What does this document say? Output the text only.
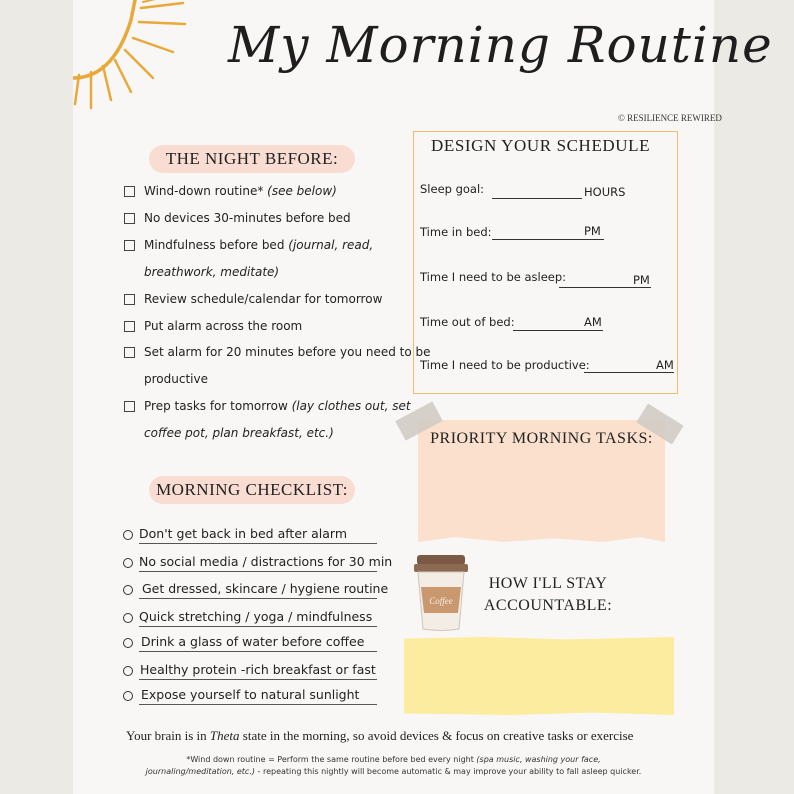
My Morning Routine
© RESILIENCE REWIRED
THE NIGHT BEFORE:
Wind-down routine* (see below)
No devices 30-minutes before bed
Mindfulness before bed (journal, read,
breathwork, meditate)
Review schedule/calendar for tomorrow
Put alarm across the room
Set alarm for 20 minutes before you need to be
productive
Prep tasks for tomorrow (lay clothes out, set
coffee pot, plan breakfast, etc.)
MORNING CHECKLIST:
Don't get back in bed after alarm
No social media / distractions for 30 min
Get dressed, skincare / hygiene routine
Quick stretching / yoga / mindfulness
Drink a glass of water before coffee
Healthy protein -rich breakfast or fast
Expose yourself to natural sunlight
DESIGN YOUR SCHEDULE
Sleep goal:	HOURS
Time in bed:	PM
Time I need to be asleep:	PM
Time out of bed:	AM
Time I need to be productive:	AM
PRIORITY MORNING TASKS:
Coffee
HOW I'LL STAY
ACCOUNTABLE:
Your brain is in Theta state in the morning, so avoid devices & focus on creative tasks or exercise
*Wind down routine = Perform the same routine before bed every night (spa music, washing your face,
journaling/meditation, etc.) - repeating this nightly will become automatic & may improve your ability to fall asleep quicker.
